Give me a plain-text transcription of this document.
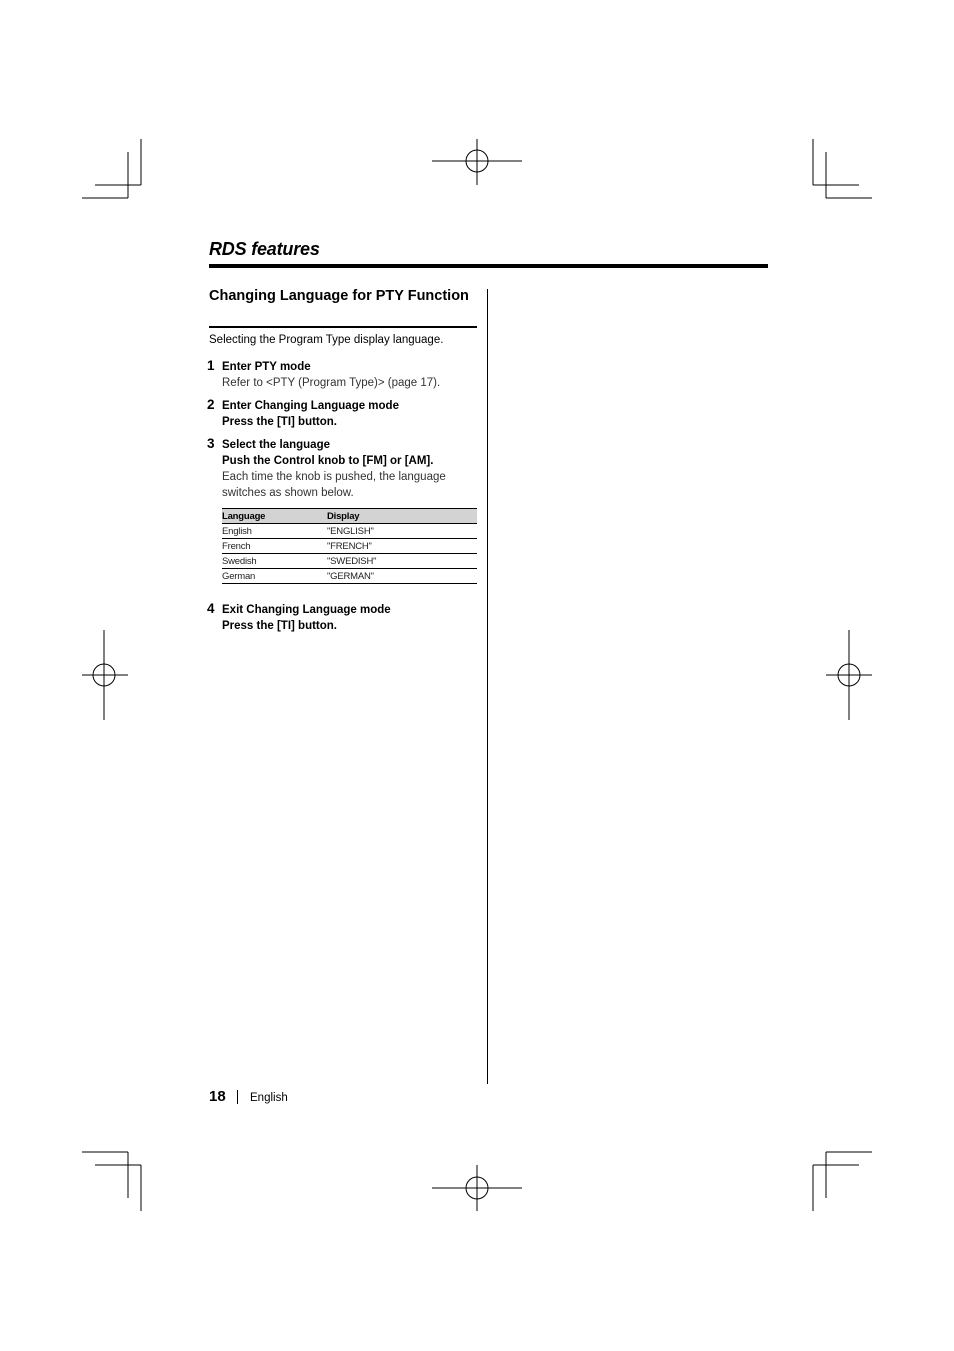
RDS features
Changing Language for PTY Function
Selecting the Program Type display language.
1 Enter PTY mode
Refer to <PTY (Program Type)> (page 17).
2 Enter Changing Language mode
Press the [TI] button.
3 Select the language
Push the Control knob to [FM] or [AM].
Each time the knob is pushed, the language switches as shown below.
Language	Display
English	"ENGLISH"
French	"FRENCH"
Swedish	"SWEDISH"
German	"GERMAN"
4 Exit Changing Language mode
Press the [TI] button.
18 English
